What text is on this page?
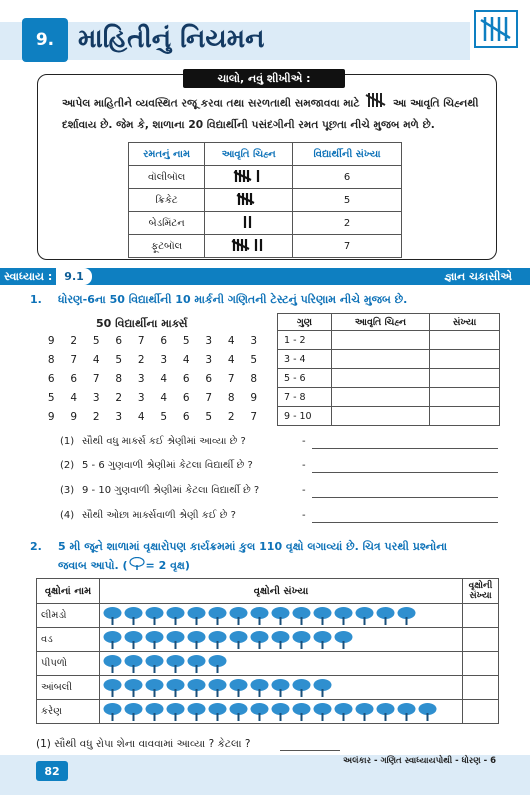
9. માહિતીનું નિયમન
ચાલો, નવું શીખીએ :
આપેલ માહિતીને વ્યવસ્થિત રજૂ કરવા તથા સરળતાથી સમજાવવા માટે	આ આવૃતિ ચિહ્નથી દર્શાવાય છે. જેમ કે, શાળાના 20 વિદ્યાર્થીની પસંદગીની રમત પૂછતા નીચે મુજબ મળે છે.
રમતનું નામ	આવૃતિ ચિહ્ન	વિદ્યાર્થીની સંખ્યા
વૉલીબૉલ		6
ક્રિકેટ		5
બેડમિંટન		2
ફૂટબૉલ		7
સ્વાધ્યાય :	9.1	જ્ઞાન ચકાસીએ
1. ધોરણ-6ના 50 વિદ્યાર્થીની 10 માર્કની ગણિતની ટેસ્ટનું પરિણામ નીચે મુજબ છે.
50 વિદ્યાર્થીના માર્ક્સ
9	2	5	6	7	6	5	3	4	3
8	7	4	5	2	3	4	3	4	5
6	6	7	8	3	4	6	6	7	8
5	4	3	2	3	4	6	7	8	9
9	9	2	3	4	5	6	5	2	7
ગુણ	આવૃતિ ચિહ્ન	સંખ્યા
1 - 2		
3 - 4		
5 - 6		
7 - 8		
9 - 10		
(1) સૌથી વધુ માર્ક્સ કઈ શ્રેણીમાં આવ્યા છે ?	-
(2) 5 - 6 ગુણવાળી શ્રેણીમાં કેટલા વિદ્યાર્થી છે ?	-
(3) 9 - 10 ગુણવાળી શ્રેણીમાં કેટલા વિદ્યાર્થી છે ?	-
(4) સૌથી ઓછા માર્ક્સવાળી શ્રેણી કઈ છે ?	-
2. 5 મી જૂને શાળામાં વૃક્ષારોપણ કાર્યક્રમમાં કુલ 110 વૃક્ષો લગાવ્યાં છે. ચિત્ર પરથી પ્રશ્નોના
જવાબ આપો. ( = 2 વૃક્ષ)
વૃક્ષોનાં નામ	વૃક્ષોની સંખ્યા	વૃક્ષોની સંખ્યા
લીમડો	

વડ	

પીપળો	

આંબલી	

કરેણ	

(1) સૌથી વધુ રોપા શેના વાવવામાં આવ્યા ? કેટલા ?
82
અલંકાર - ગણિત સ્વાધ્યાયપોથી - ધોરણ - 6
